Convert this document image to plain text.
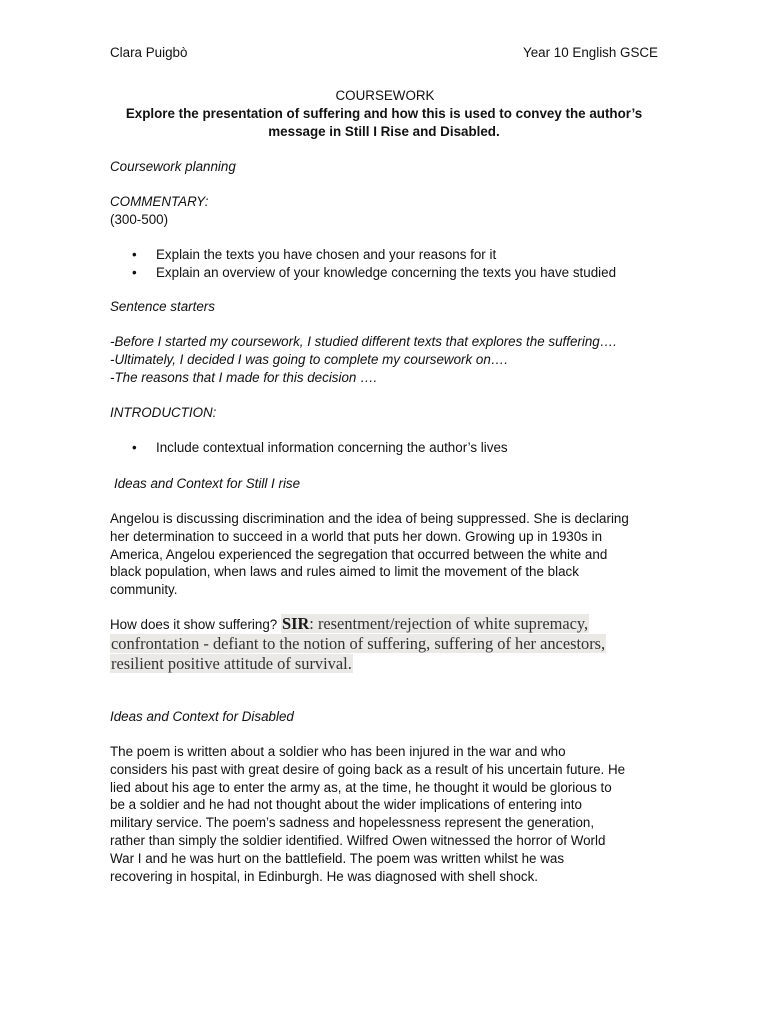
Clara Puigbò	Year 10 English GSCE
COURSEWORK
Explore the presentation of suffering and how this is used to convey the author’s
message in Still I Rise and Disabled.
Coursework planning
COMMENTARY:
(300-500)
• Explain the texts you have chosen and your reasons for it
• Explain an overview of your knowledge concerning the texts you have studied
Sentence starters
-Before I started my coursework, I studied different texts that explores the suffering….
-Ultimately, I decided I was going to complete my coursework on….
-The reasons that I made for this decision ….
INTRODUCTION:
• Include contextual information concerning the author’s lives
Ideas and Context for Still I rise
Angelou is discussing discrimination and the idea of being suppressed. She is declaring
her determination to succeed in a world that puts her down. Growing up in 1930s in
America, Angelou experienced the segregation that occurred between the white and
black population, when laws and rules aimed to limit the movement of the black
community.
How does it show suffering? SIR: resentment/rejection of white supremacy,
confrontation - defiant to the notion of suffering, suffering of her ancestors,
resilient positive attitude of survival.
Ideas and Context for Disabled
The poem is written about a soldier who has been injured in the war and who
considers his past with great desire of going back as a result of his uncertain future. He
lied about his age to enter the army as, at the time, he thought it would be glorious to
be a soldier and he had not thought about the wider implications of entering into
military service. The poem’s sadness and hopelessness represent the generation,
rather than simply the soldier identified. Wilfred Owen witnessed the horror of World
War I and he was hurt on the battlefield. The poem was written whilst he was
recovering in hospital, in Edinburgh. He was diagnosed with shell shock.
